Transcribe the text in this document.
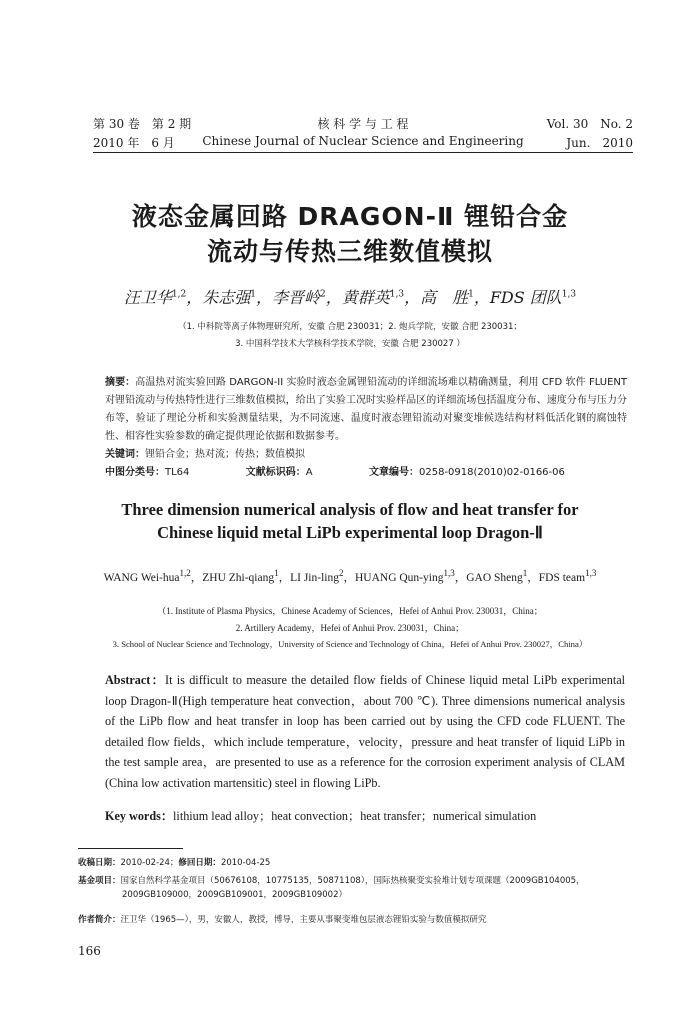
第 30 卷　第 2 期	核 科 学 与 工 程	Vol. 30　No. 2
2010 年　6 月	Chinese Journal of Nuclear Science and Engineering	Jun.　2010
液态金属回路 DRAGON-Ⅱ 锂铅合金
流动与传热三维数值模拟
汪卫华$^{1,2}$，朱志强$^1$，李晋岭$^2$，黄群英$^{1,3}$，高　胜$^1$，FDS 团队$^{1,3}$
（1. 中科院等离子体物理研究所，安徽 合肥 230031；2. 炮兵学院，安徽 合肥 230031；
3. 中国科学技术大学核科学技术学院，安徽 合肥 230027 ）
摘要：高温热对流实验回路 DARGON-II 实验时液态金属锂铅流动的详细流场难以精确测量，利用 CFD 软件 FLUENT 对锂铅流动与传热特性进行三维数值模拟，给出了实验工况时实验样品区的详细流场包括温度分布、速度分布与压力分布等，验证了理论分析和实验测量结果，为不同流速、温度时液态锂铅流动对聚变堆候选结构材料低活化钢的腐蚀特性、相容性实验参数的确定提供理论依据和数据参考。
关键词：锂铅合金；热对流；传热；数值模拟
中图分类号：TL64	文献标识码：A	文章编号：0258-0918(2010)02-0166-06
Three dimension numerical analysis of flow and heat transfer for
Chinese liquid metal LiPb experimental loop Dragon-Ⅱ
WANG Wei-hua$^{1,2}$，ZHU Zhi-qiang$^1$，LI Jin-ling$^2$，HUANG Qun-ying$^{1,3}$，GAO Sheng$^1$，FDS team$^{1,3}$
（1. Institute of Plasma Physics，Chinese Academy of Sciences，Hefei of Anhui Prov. 230031，China；
2. Artillery Academy，Hefei of Anhui Prov. 230031，China；
3. School of Nuclear Science and Technology，University of Science and Technology of China，Hefei of Anhui Prov. 230027，China）
Abstract：It is difficult to measure the detailed flow fields of Chinese liquid metal LiPb experimental loop Dragon-Ⅱ(High temperature heat convection，about 700 ℃). Three dimensions numerical analysis of the LiPb flow and heat transfer in loop has been carried out by using the CFD code FLUENT. The detailed flow fields，which include temperature，velocity，pressure and heat transfer of liquid LiPb in the test sample area，are presented to use as a reference for the corrosion experiment analysis of CLAM (China low activation martensitic) steel in flowing LiPb.
Key words：lithium lead alloy；heat convection；heat transfer；numerical simulation
收稿日期：2010-02-24；修回日期：2010-04-25
基金项目：国家自然科学基金项目（50676108，10775135，50871108），国际热核聚变实验堆计划专项课题（2009GB104005，
2009GB109000，2009GB109001，2009GB109002）
作者简介：汪卫华（1965—），男，安徽人，教授，博导，主要从事聚变堆包层液态锂铅实验与数值模拟研究
166
